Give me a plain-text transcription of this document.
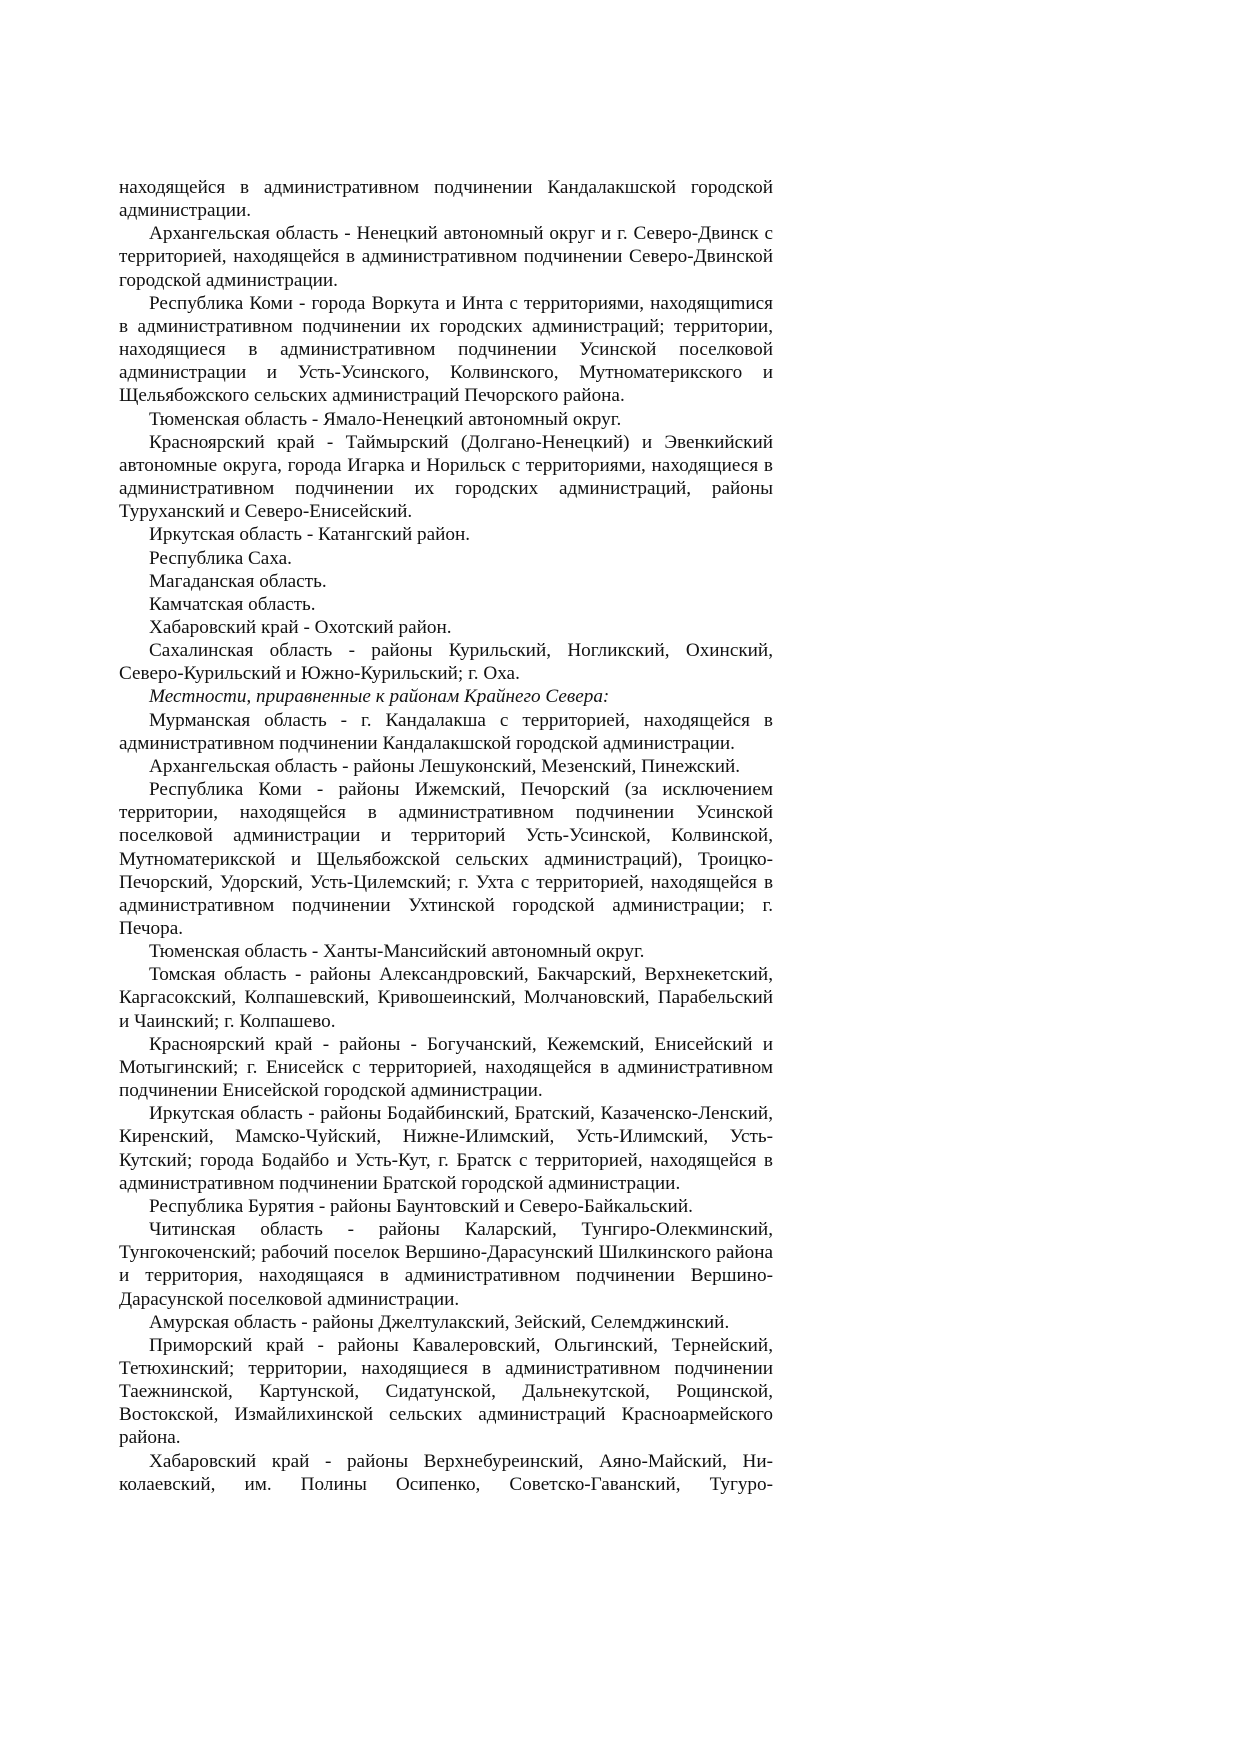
находящейся в административном подчинении Кандалакшской городской администрации.

Архангельская область - Ненецкий автономный округ и г. Северо-Двинск с территорией, находящейся в административном подчинении Северо-Двинской городской администрации.

Республика Коми - города Воркута и Инта с территориями, находящиmися в административном подчинении их городских администраций; территории, находящиеся в административном подчинении Усинской поселковой администрации и Усть-Усинского, Колвинского, Мутноматерикского и Щельябожского сельских администраций Печорского района.

Тюменская область - Ямало-Ненецкий автономный округ.

Красноярский край - Таймырский (Долгано-Ненецкий) и Эвенкийский автономные округа, города Игарка и Норильск с территориями, находящиеся в административном подчинении их городских администраций, районы Туруханский и Северо-Енисейский.

Иркутская область - Катангский район.

Республика Саха.

Магаданская область.

Камчатская область.

Хабаровский край - Охотский район.

Сахалинская область - районы Курильский, Ногликский, Охинский, Северо-Курильский и Южно-Курильский; г. Оха.

Местности, приравненные к районам Крайнего Севера:

Мурманская область - г. Кандалакша с территорией, находящейся в административном подчинении Кандалакшской городской администрации.

Архангельская область - районы Лешуконский, Мезенский, Пинежский.

Республика Коми - районы Ижемский, Печорский (за исключением территории, находящейся в административном подчинении Усинской поселковой администрации и территорий Усть-Усинской, Колвинской, Мутноматерикской и Щельябожской сельских администраций), Троицко-Печорский, Удорский, Усть-Цилемский; г. Ухта с территорией, находящейся в административном подчинении Ухтинской городской администрации; г. Печора.

Тюменская область - Ханты-Мансийский автономный округ.

Томская область - районы Александровский, Бакчарский, Верхнекетский, Каргасокский, Колпашевский, Кривошеинский, Молчановский, Парабельский и Чаинский; г. Колпашево.

Красноярский край - районы - Богучанский, Кежемский, Енисейский и Мотыгинский; г. Енисейск с территорией, находящейся в административном подчинении Енисейской городской администрации.

Иркутская область - районы Бодайбинский, Братский, Казаченско-Ленский, Киренский, Мамско-Чуйский, Нижне-Илимский, Усть-Илимский, Усть-Кутский; города Бодайбо и Усть-Кут, г. Братск с территорией, находящейся в административном подчинении Братской городской администрации.

Республика Бурятия - районы Баунтовский и Северо-Байкальский.

Читинская область - районы Каларский, Тунгиро-Олекминский, Тунгокоченский; рабочий поселок Вершино-Дарасунский Шилкинского района и территория, находящаяся в административном подчинении Вершино-Дарасунской поселковой администрации.

Амурская область - районы Джелтулакский, Зейский, Селемджинский.

Приморский край - районы Кавалеровский, Ольгинский, Тернейский, Тетюхинский; территории, находящиеся в административном подчинении Таежнинской, Картунской, Сидатунской, Дальнекутской, Рощинской, Востокской, Измайлихинской сельских администраций Красноармейского района.

Хабаровский край - районы Верхнебуреинский, Аяно-Майский, Николаевский, им. Полины Осипенко, Советско-Гаванский, Тугуро-
